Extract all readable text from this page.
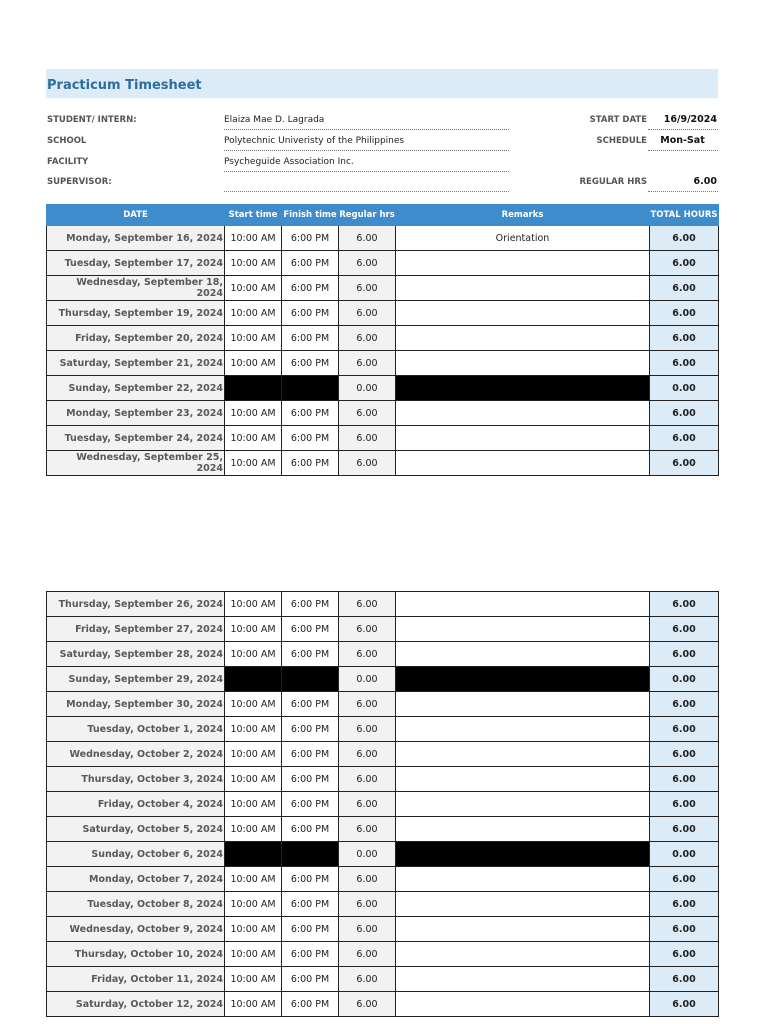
Practicum Timesheet
STUDENT/ INTERN:	Elaiza Mae D. Lagrada
SCHOOL	Polytechnic Univeristy of the Philippines
FACILITY	Psycheguide Association Inc.
SUPERVISOR:
START DATE	16/9/2024
SCHEDULE	Mon-Sat
REGULAR HRS	6.00
DATE	Start time	Finish time	Regular hrs	Remarks	TOTAL HOURS
Monday, September 16, 2024	10:00 AM	6:00 PM	6.00	Orientation	6.00
Tuesday, September 17, 2024	10:00 AM	6:00 PM	6.00		6.00
Wednesday, September 18, 2024	10:00 AM	6:00 PM	6.00		6.00
Thursday, September 19, 2024	10:00 AM	6:00 PM	6.00		6.00
Friday, September 20, 2024	10:00 AM	6:00 PM	6.00		6.00
Saturday, September 21, 2024	10:00 AM	6:00 PM	6.00		6.00
Sunday, September 22, 2024			0.00		0.00
Monday, September 23, 2024	10:00 AM	6:00 PM	6.00		6.00
Tuesday, September 24, 2024	10:00 AM	6:00 PM	6.00		6.00
Wednesday, September 25, 2024	10:00 AM	6:00 PM	6.00		6.00
Thursday, September 26, 2024	10:00 AM	6:00 PM	6.00		6.00
Friday, September 27, 2024	10:00 AM	6:00 PM	6.00		6.00
Saturday, September 28, 2024	10:00 AM	6:00 PM	6.00		6.00
Sunday, September 29, 2024			0.00		0.00
Monday, September 30, 2024	10:00 AM	6:00 PM	6.00		6.00
Tuesday, October 1, 2024	10:00 AM	6:00 PM	6.00		6.00
Wednesday, October 2, 2024	10:00 AM	6:00 PM	6.00		6.00
Thursday, October 3, 2024	10:00 AM	6:00 PM	6.00		6.00
Friday, October 4, 2024	10:00 AM	6:00 PM	6.00		6.00
Saturday, October 5, 2024	10:00 AM	6:00 PM	6.00		6.00
Sunday, October 6, 2024			0.00		0.00
Monday, October 7, 2024	10:00 AM	6:00 PM	6.00		6.00
Tuesday, October 8, 2024	10:00 AM	6:00 PM	6.00		6.00
Wednesday, October 9, 2024	10:00 AM	6:00 PM	6.00		6.00
Thursday, October 10, 2024	10:00 AM	6:00 PM	6.00		6.00
Friday, October 11, 2024	10:00 AM	6:00 PM	6.00		6.00
Saturday, October 12, 2024	10:00 AM	6:00 PM	6.00		6.00
